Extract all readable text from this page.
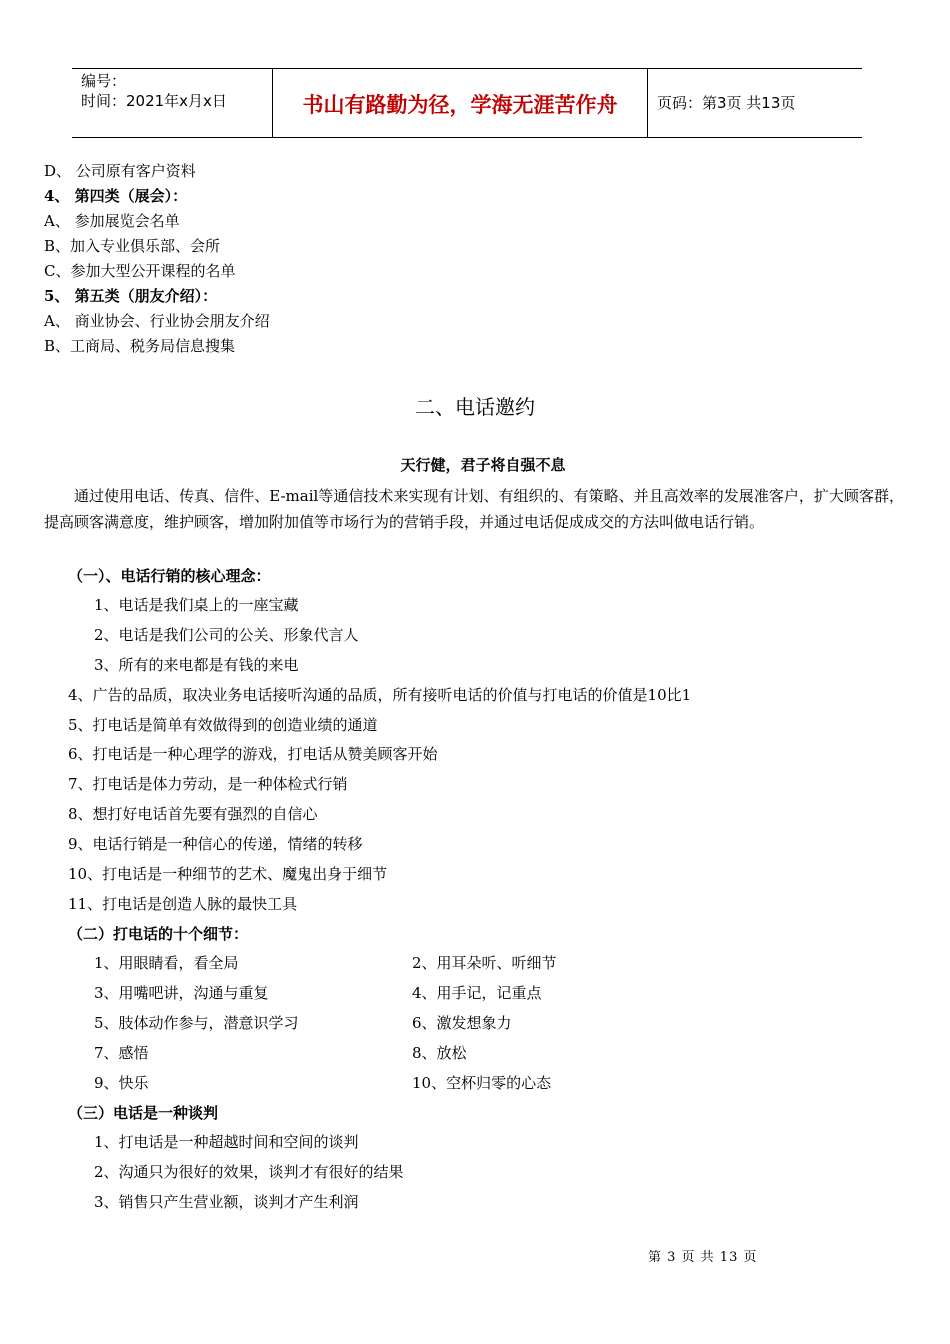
编号：
时间：2021年x月x日	书山有路勤为径，学海无涯苦作舟	页码：第3页 共13页
D、 公司原有客户资料
4、 第四类（展会）：
A、 参加展览会名单
B、加入专业俱乐部、会所
C、参加大型公开课程的名单
5、 第五类（朋友介绍）：
A、 商业协会、行业协会朋友介绍
B、工商局、税务局信息搜集
二、电话邀约
天行健，君子将自强不息
通过使用电话、传真、信件、E-mail等通信技术来实现有计划、有组织的、有策略、并且高效率的发展准客户，扩大顾客群，提高顾客满意度，维护顾客，增加附加值等市场行为的营销手段，并通过电话促成成交的方法叫做电话行销。
（一）、电话行销的核心理念：
1、电话是我们桌上的一座宝藏
2、电话是我们公司的公关、形象代言人
3、所有的来电都是有钱的来电
4、广告的品质，取决业务电话接听沟通的品质，所有接听电话的价值与打电话的价值是10比1
5、打电话是简单有效做得到的创造业绩的通道
6、打电话是一种心理学的游戏，打电话从赞美顾客开始
7、打电话是体力劳动，是一种体检式行销
8、想打好电话首先要有强烈的自信心
9、电话行销是一种信心的传递，情绪的转移
10、打电话是一种细节的艺术、魔鬼出身于细节
11、打电话是创造人脉的最快工具
（二）打电话的十个细节：
1、用眼睛看，看全局	2、用耳朵听、听细节
3、用嘴吧讲，沟通与重复	4、用手记，记重点
5、肢体动作参与，潜意识学习	6、激发想象力
7、感悟	8、放松
9、快乐	10、空杯归零的心态
（三）电话是一种谈判
1、打电话是一种超越时间和空间的谈判
2、沟通只为很好的效果，谈判才有很好的结果
3、销售只产生营业额，谈判才产生利润
第 3 页 共 13 页
